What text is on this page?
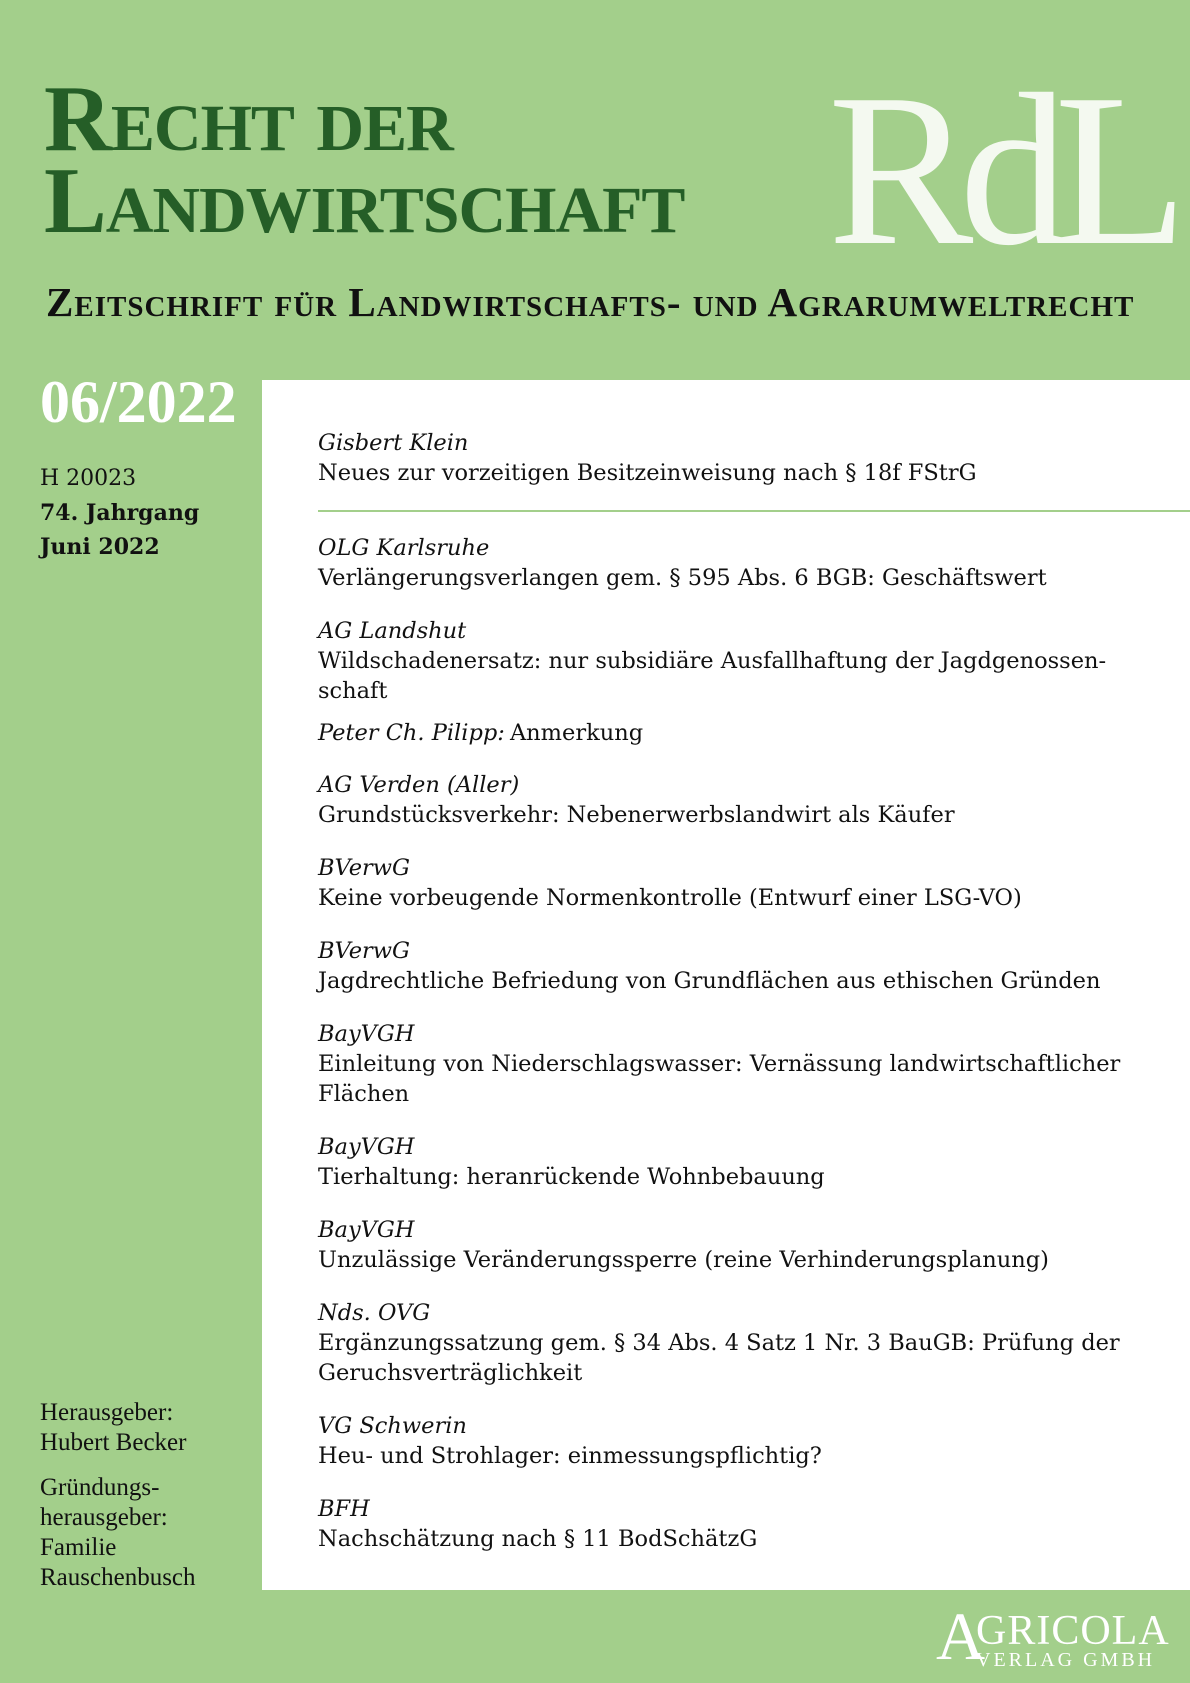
Recht der
Landwirtschaft RdL
Zeitschrift für Landwirtschafts- und Agrarumweltrecht
06/2022
H 20023
74. Jahrgang
Juni 2022
Herausgeber:
Hubert Becker
Gründungs-
herausgeber:
Familie
Rauschenbusch
Gisbert Klein
Neues zur vorzeitigen Besitzeinweisung nach § 18f FStrG
OLG Karlsruhe
Verlängerungsverlangen gem. § 595 Abs. 6 BGB: Geschäftswert
AG Landshut
Wildschadenersatz: nur subsidiäre Ausfallhaftung der Jagdgenossen-
schaft
Peter Ch. Pilipp: Anmerkung
AG Verden (Aller)
Grundstücksverkehr: Nebenerwerbslandwirt als Käufer
BVerwG
Keine vorbeugende Normenkontrolle (Entwurf einer LSG-VO)
BVerwG
Jagdrechtliche Befriedung von Grundflächen aus ethischen Gründen
BayVGH
Einleitung von Niederschlagswasser: Vernässung landwirtschaftlicher
Flächen
BayVGH
Tierhaltung: heranrückende Wohnbebauung
BayVGH
Unzulässige Veränderungssperre (reine Verhinderungsplanung)
Nds. OVG
Ergänzungssatzung gem. § 34 Abs. 4 Satz 1 Nr. 3 BauGB: Prüfung der
Geruchsverträglichkeit
VG Schwerin
Heu- und Strohlager: einmessungspflichtig?
BFH
Nachschätzung nach § 11 BodSchätzG
A
GRICOLA
VERLAG GMBH
